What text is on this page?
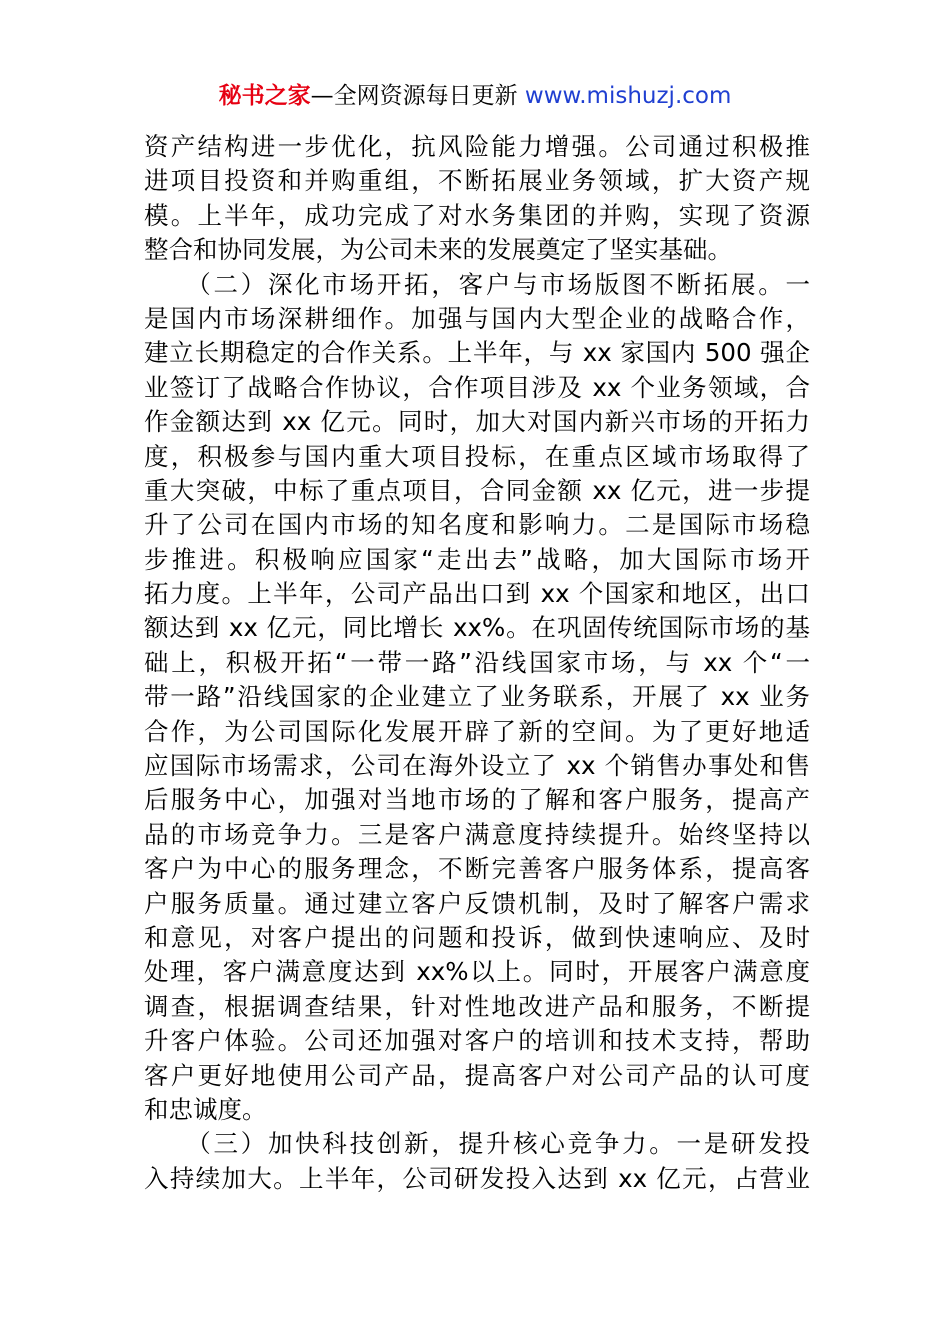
秘书之家—全网资源每日更新 www.mishuzj.com
资产结构进一步优化，抗风险能力增强。公司通过积极推
进项目投资和并购重组，不断拓展业务领域，扩大资产规
模。上半年，成功完成了对水务集团的并购，实现了资源
整合和协同发展，为公司未来的发展奠定了坚实基础。
　　（二）深化市场开拓，客户与市场版图不断拓展。一
是国内市场深耕细作。加强与国内大型企业的战略合作，
建立长期稳定的合作关系。上半年，与 xx 家国内 500 强企
业签订了战略合作协议，合作项目涉及 xx 个业务领域，合
作金额达到 xx 亿元。同时，加大对国内新兴市场的开拓力
度，积极参与国内重大项目投标，在重点区域市场取得了
重大突破，中标了重点项目，合同金额 xx 亿元，进一步提
升了公司在国内市场的知名度和影响力。二是国际市场稳
步推进。积极响应国家“走出去”战略，加大国际市场开
拓力度。上半年，公司产品出口到 xx 个国家和地区，出口
额达到 xx 亿元，同比增长 xx%。在巩固传统国际市场的基
础上，积极开拓“一带一路”沿线国家市场，与 xx 个“一
带一路”沿线国家的企业建立了业务联系，开展了 xx 业务
合作，为公司国际化发展开辟了新的空间。为了更好地适
应国际市场需求，公司在海外设立了 xx 个销售办事处和售
后服务中心，加强对当地市场的了解和客户服务，提高产
品的市场竞争力。三是客户满意度持续提升。始终坚持以
客户为中心的服务理念，不断完善客户服务体系，提高客
户服务质量。通过建立客户反馈机制，及时了解客户需求
和意见，对客户提出的问题和投诉，做到快速响应、及时
处理，客户满意度达到 xx%以上。同时，开展客户满意度
调查，根据调查结果，针对性地改进产品和服务，不断提
升客户体验。公司还加强对客户的培训和技术支持，帮助
客户更好地使用公司产品，提高客户对公司产品的认可度
和忠诚度。
　　（三）加快科技创新，提升核心竞争力。一是研发投
入持续加大。上半年，公司研发投入达到 xx 亿元，占营业
